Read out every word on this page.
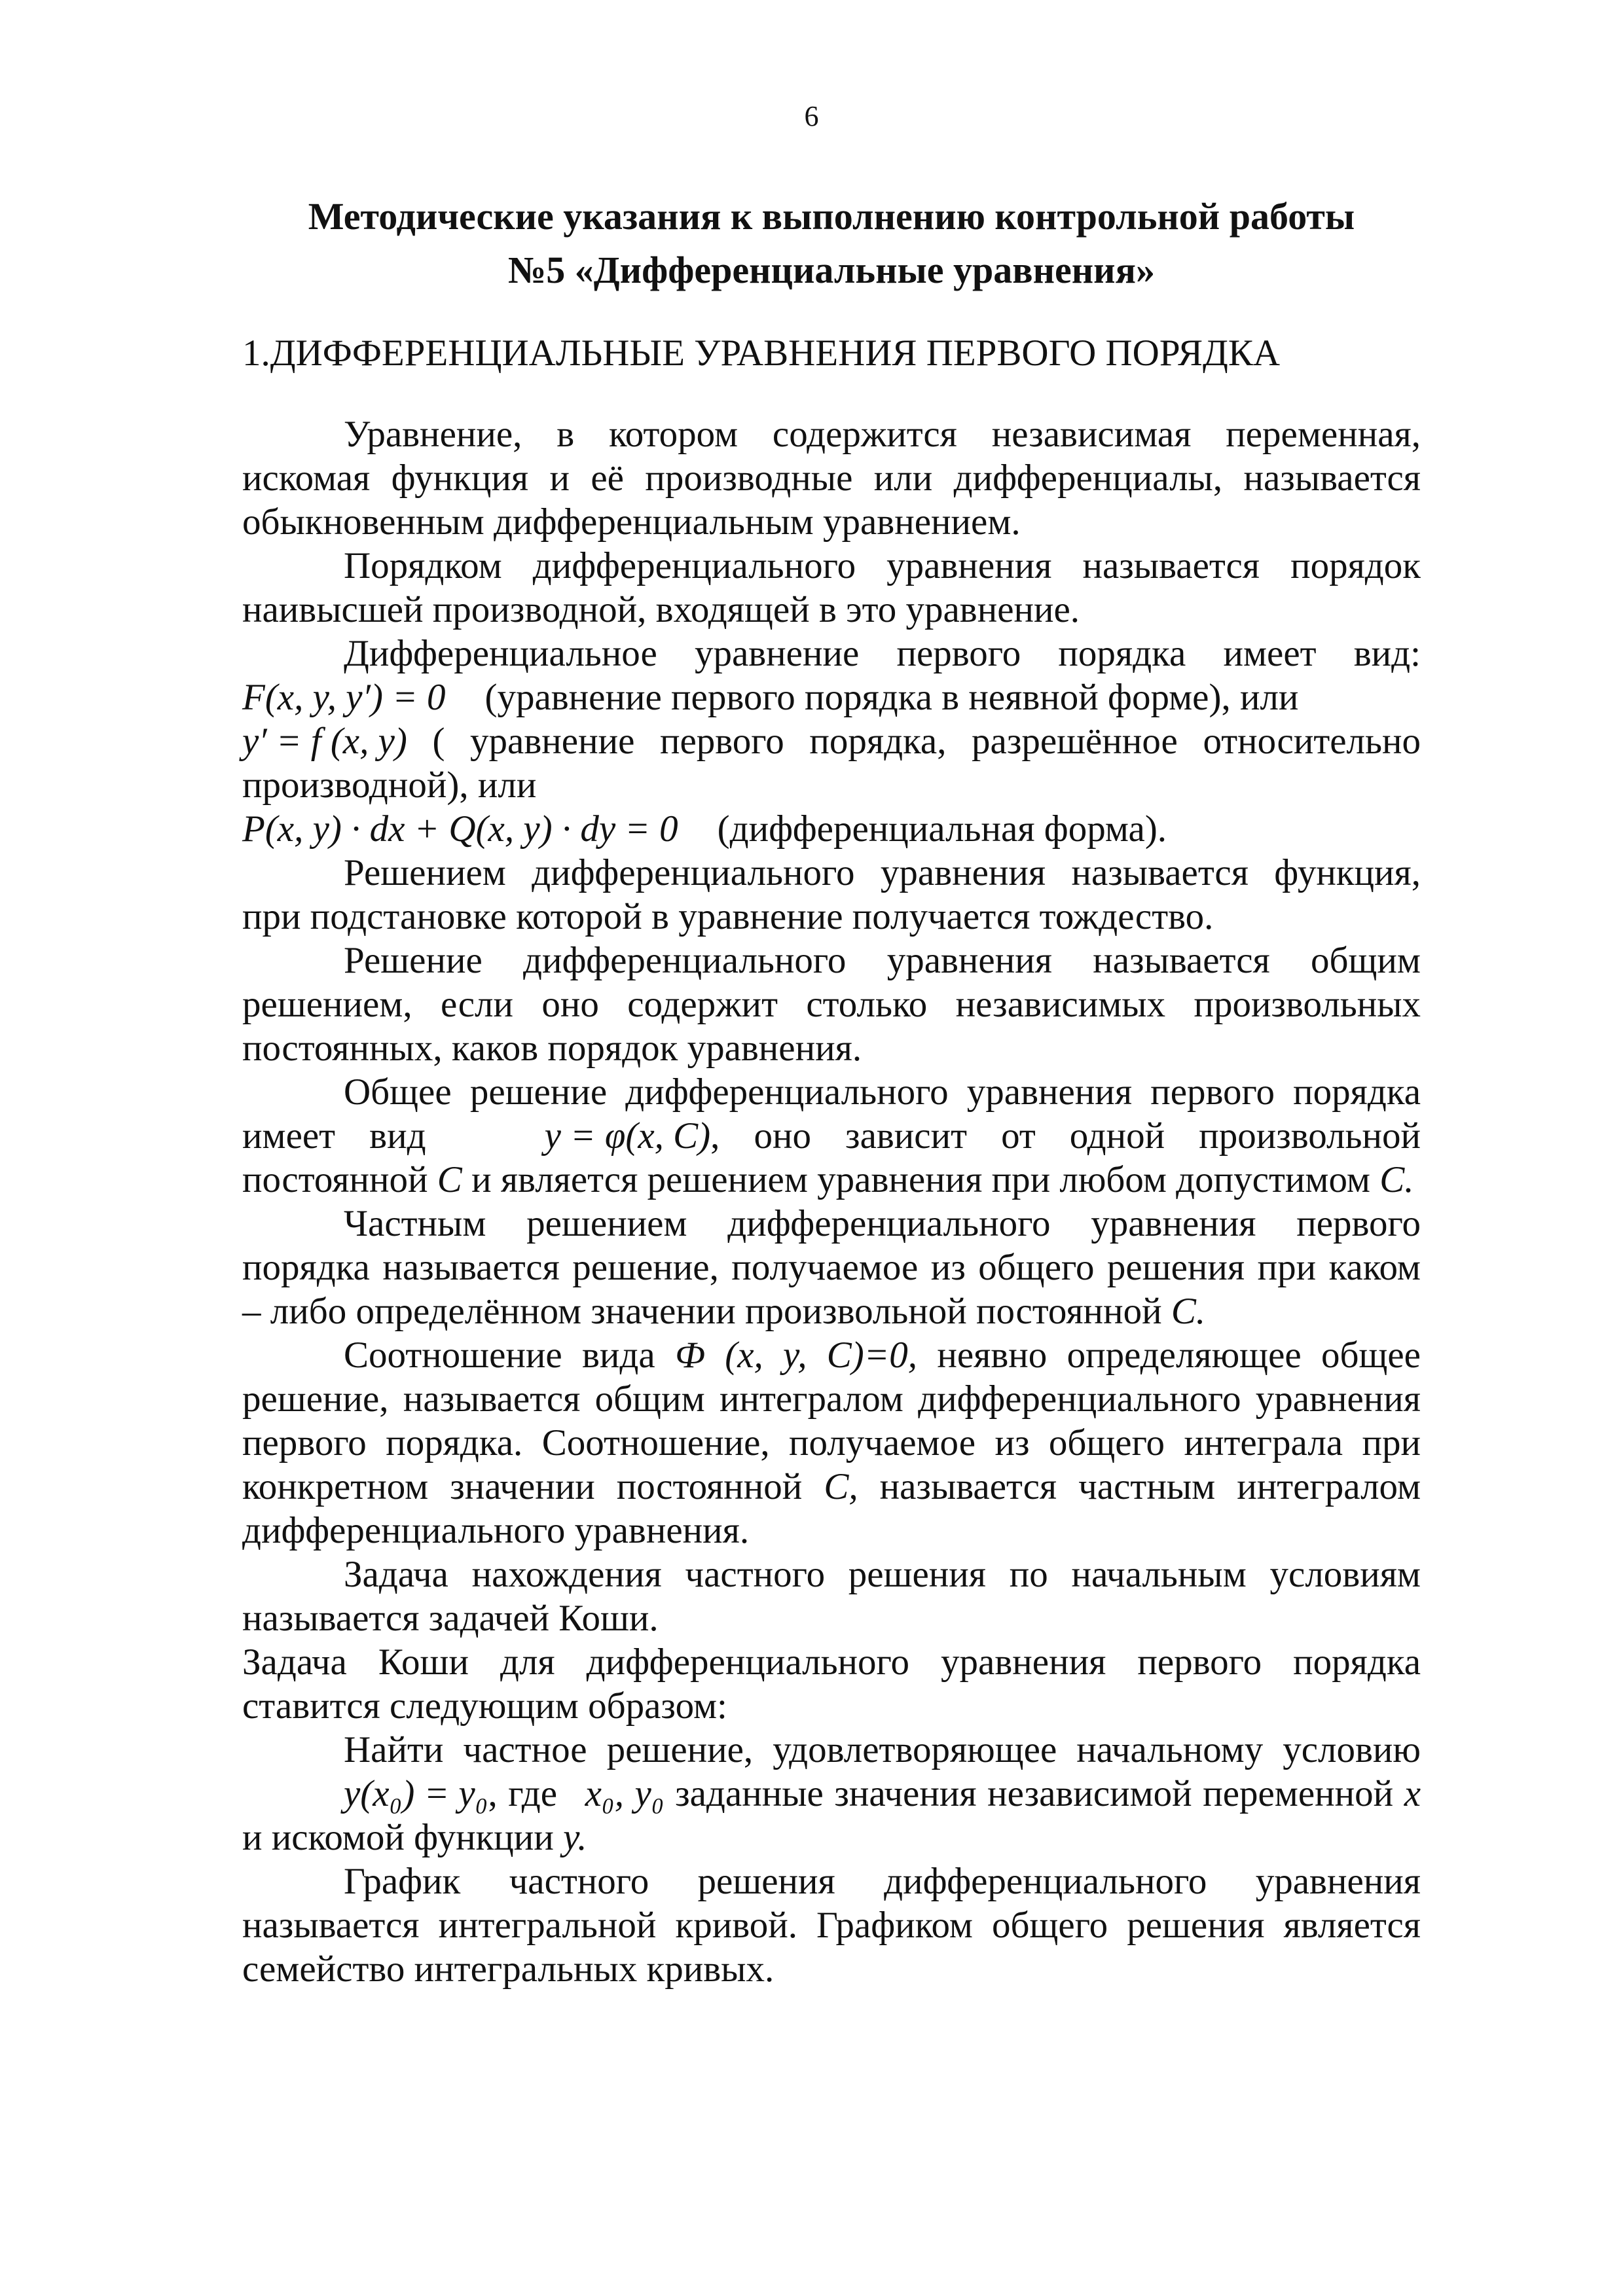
6
Методические указания к выполнению контрольной работы
№5 «Дифференциальные уравнения»
1.ДИФФЕРЕНЦИАЛЬНЫЕ УРАВНЕНИЯ ПЕРВОГО ПОРЯДКА

Уравнение, в котором содержится независимая переменная, искомая функция и её производные или дифференциалы, называется обыкновенным дифференциальным уравнением.

Порядком дифференциального уравнения называется порядок наивысшей производной, входящей в это уравнение.

Дифференциальное уравнение первого порядка имеет вид:

F(x, y, y′) = 0 (уравнение первого порядка в неявной форме), или

y′ = f (x, y) ( уравнение первого порядка, разрешённое относительно производной), или

P(x, y) · dx + Q(x, y) · dy = 0 (дифференциальная форма).

Решением дифференциального уравнения называется функция, при подстановке которой в уравнение получается тождество.

Решение дифференциального уравнения называется общим решением, если оно содержит столько независимых произвольных постоянных, каков порядок уравнения.

Общее решение дифференциального уравнения первого порядка имеет вид	y = φ(x, C), оно зависит от одной произвольной постоянной C и является решением уравнения при любом допустимом C.

Частным решением дифференциального уравнения первого порядка называется решение, получаемое из общего решения при каком – либо определённом значении произвольной постоянной C.

Соотношение вида Ф (x, y, C)=0, неявно определяющее общее решение, называется общим интегралом дифференциального уравнения первого порядка. Соотношение, получаемое из общего интеграла при конкретном значении постоянной C, называется частным интегралом дифференциального уравнения.

Задача нахождения частного решения по начальным условиям называется задачей Коши.

Задача Коши для дифференциального уравнения первого порядка ставится следующим образом:

Найти частное решение, удовлетворяющее начальному условию y(x₀) = y₀, где x₀, y₀ заданные значения независимой переменной x и искомой функции y.

График частного решения дифференциального уравнения называется интегральной кривой. Графиком общего решения является семейство интегральных кривых.
